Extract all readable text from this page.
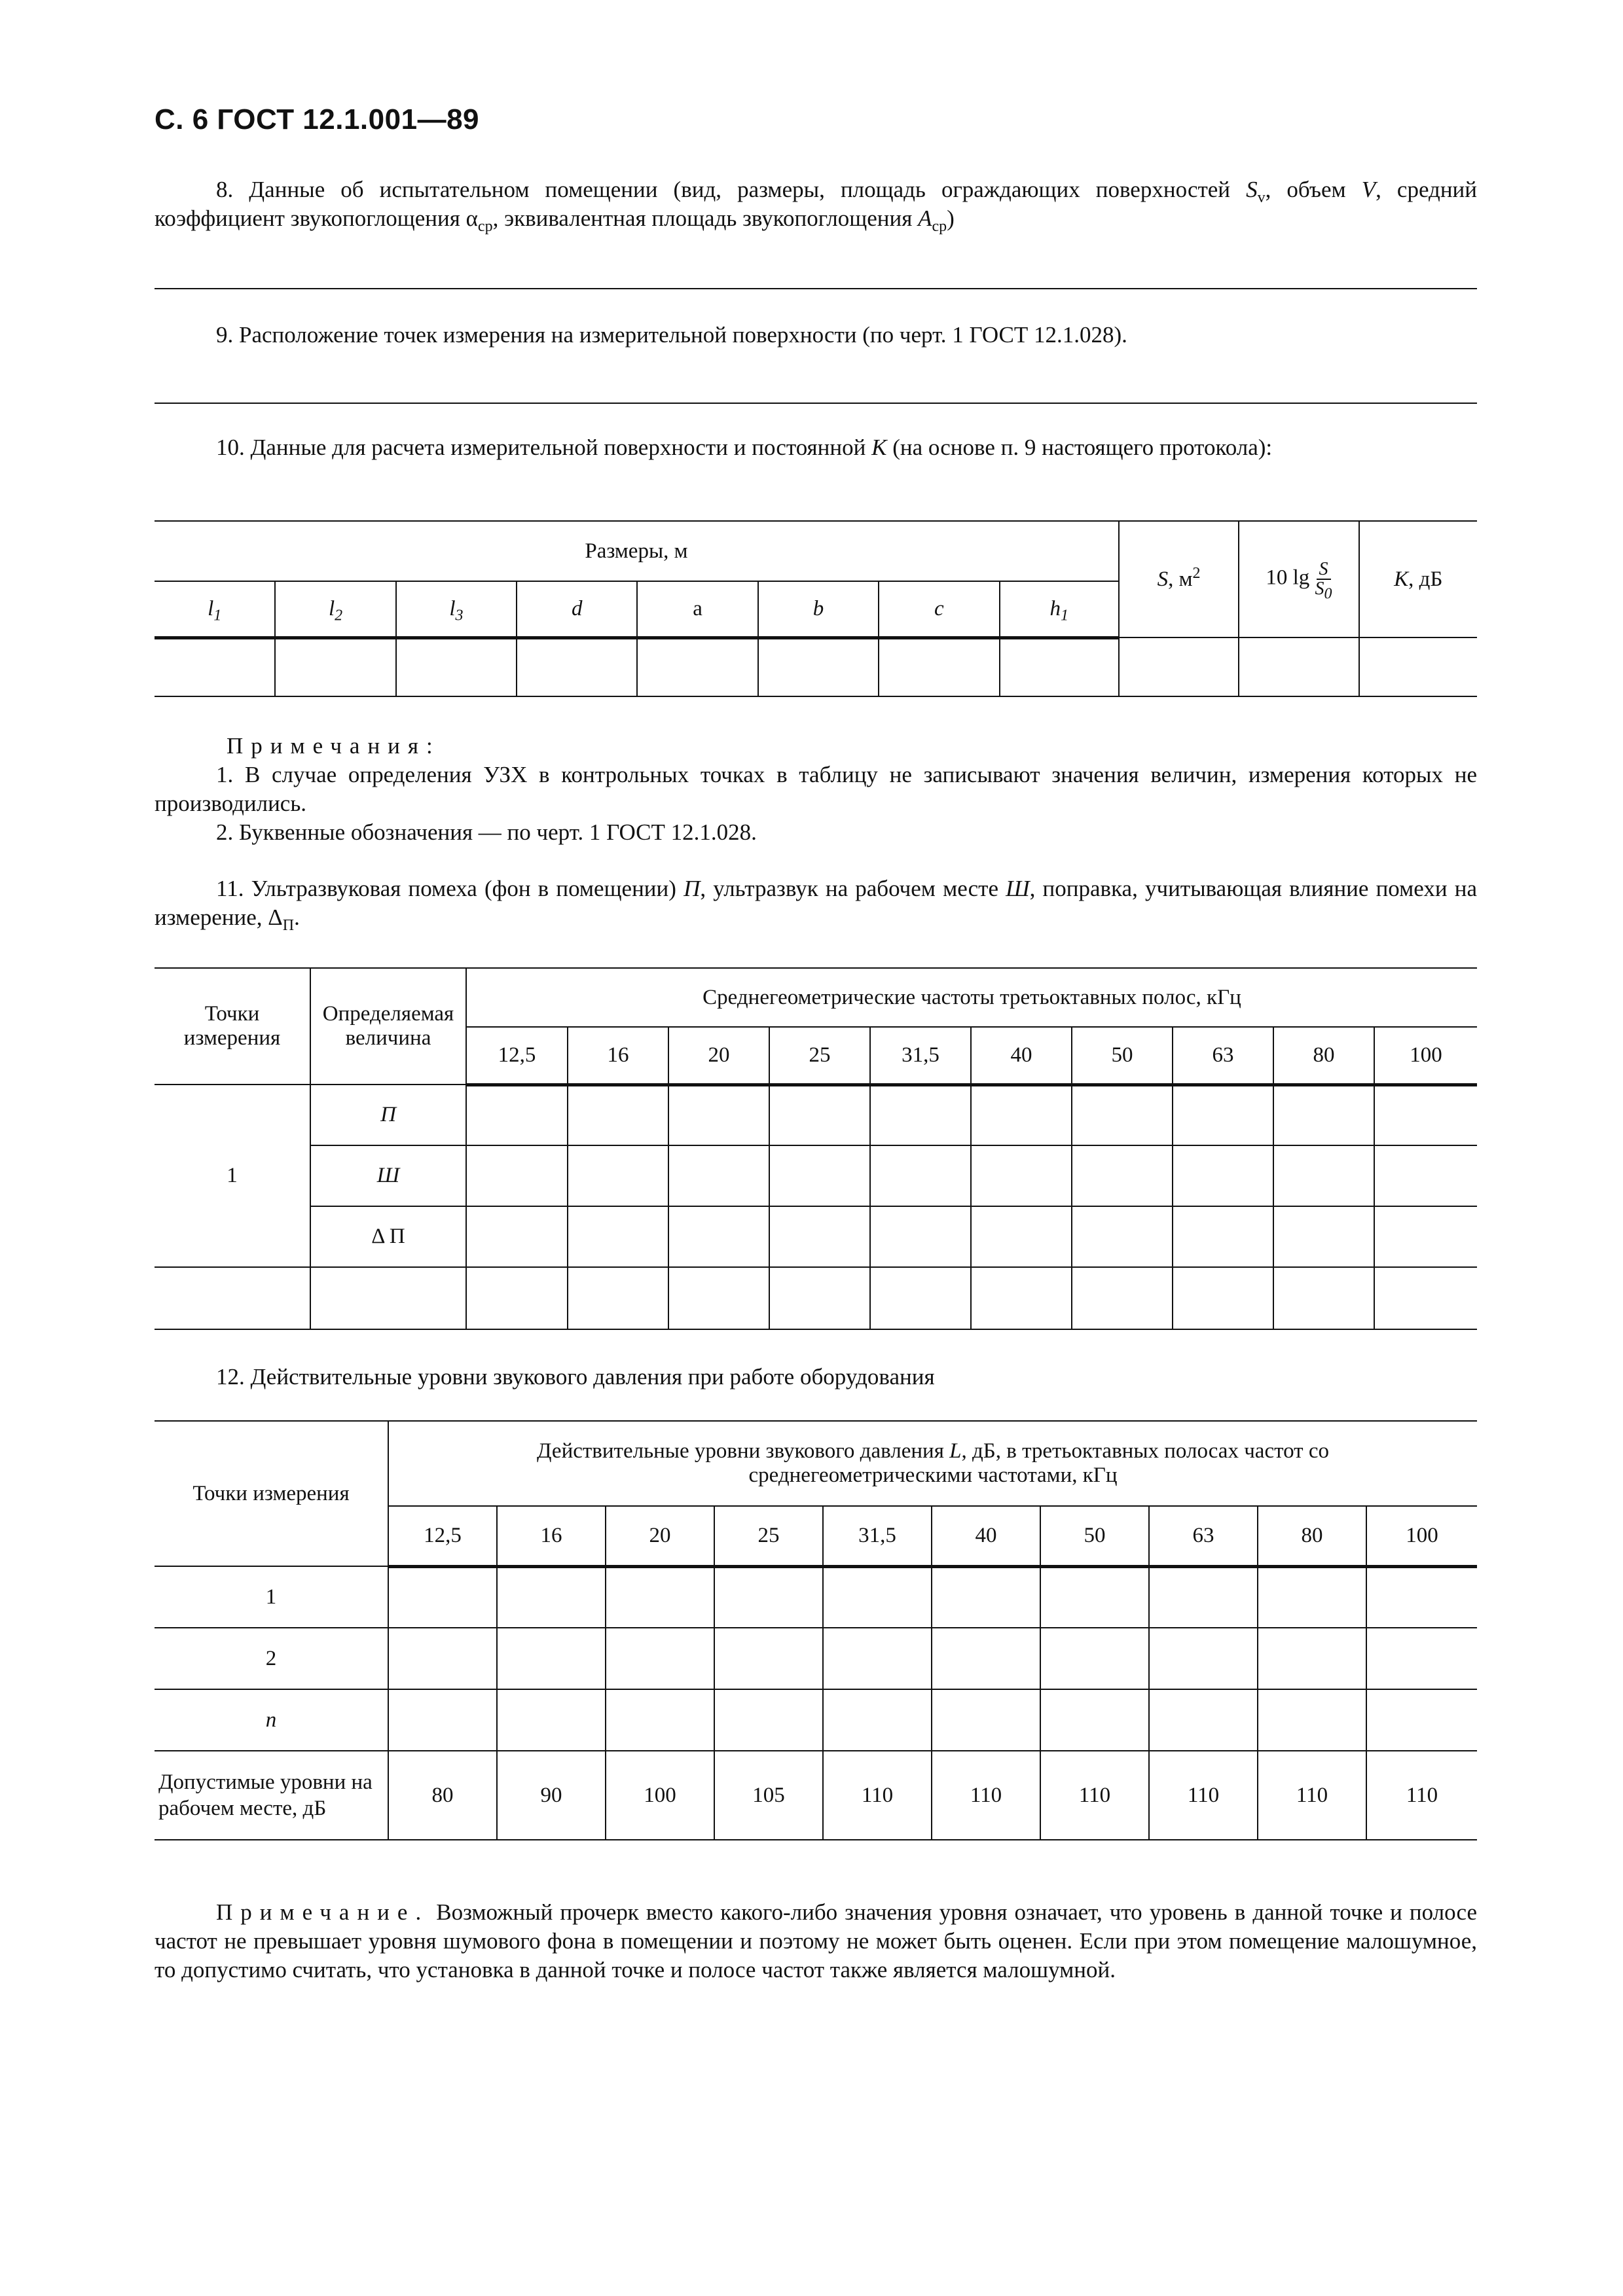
С. 6 ГОСТ 12.1.001—89
8. Данные об испытательном помещении (вид, размеры, площадь ограждающих поверхностей $S_v$, объем V, средний коэффициент звукопоглощения $\alpha_{ср}$, эквивалентная площадь звукопоглощения $A_{ср}$)
9. Расположение точек измерения на измерительной поверхности (по черт. 1 ГОСТ 12.1.028).
10. Данные для расчета измерительной поверхности и постоянной K (на основе п. 9 настоящего протокола):
Размеры, м								S, $м^2$	10 $\lg \frac{S}{S_0}$	K, дБ
$l_1$	$l_2$	$l_3$	d	a	b	c	$h_1$

Примечания:
1. В случае определения УЗХ в контрольных точках в таблицу не записывают значения величин, измерения которых не производились.
2. Буквенные обозначения — по черт. 1 ГОСТ 12.1.028.
11. Ультразвуковая помеха (фон в помещении) П, ультразвук на рабочем месте Ш, поправка, учитывающая влияние помехи на измерение, $\Delta_П$.
Точки измерения	Определяемая величина	Среднегеометрические частоты третьоктавных полос, кГц									
		12,5	16	20	25	31,5	40	50	63	80	100
1	П										
	Ш										
	Δ П										

12. Действительные уровни звукового давления при работе оборудования
Точки измерения	Действительные уровни звукового давления L, дБ, в третьоктавных полосах частот со среднегеометрическими частотами, кГц									
	12,5	16	20	25	31,5	40	50	63	80	100
1										
2										
n										
Допустимые уровни на рабочем месте, дБ	80	90	100	105	110	110	110	110	110	110
Примечание. Возможный прочерк вместо какого-либо значения уровня означает, что уровень в данной точке и полосе частот не превышает уровня шумового фона в помещении и поэтому не может быть оценен. Если при этом помещение малошумное, то допустимо считать, что установка в данной точке и полосе частот также является малошумной.
